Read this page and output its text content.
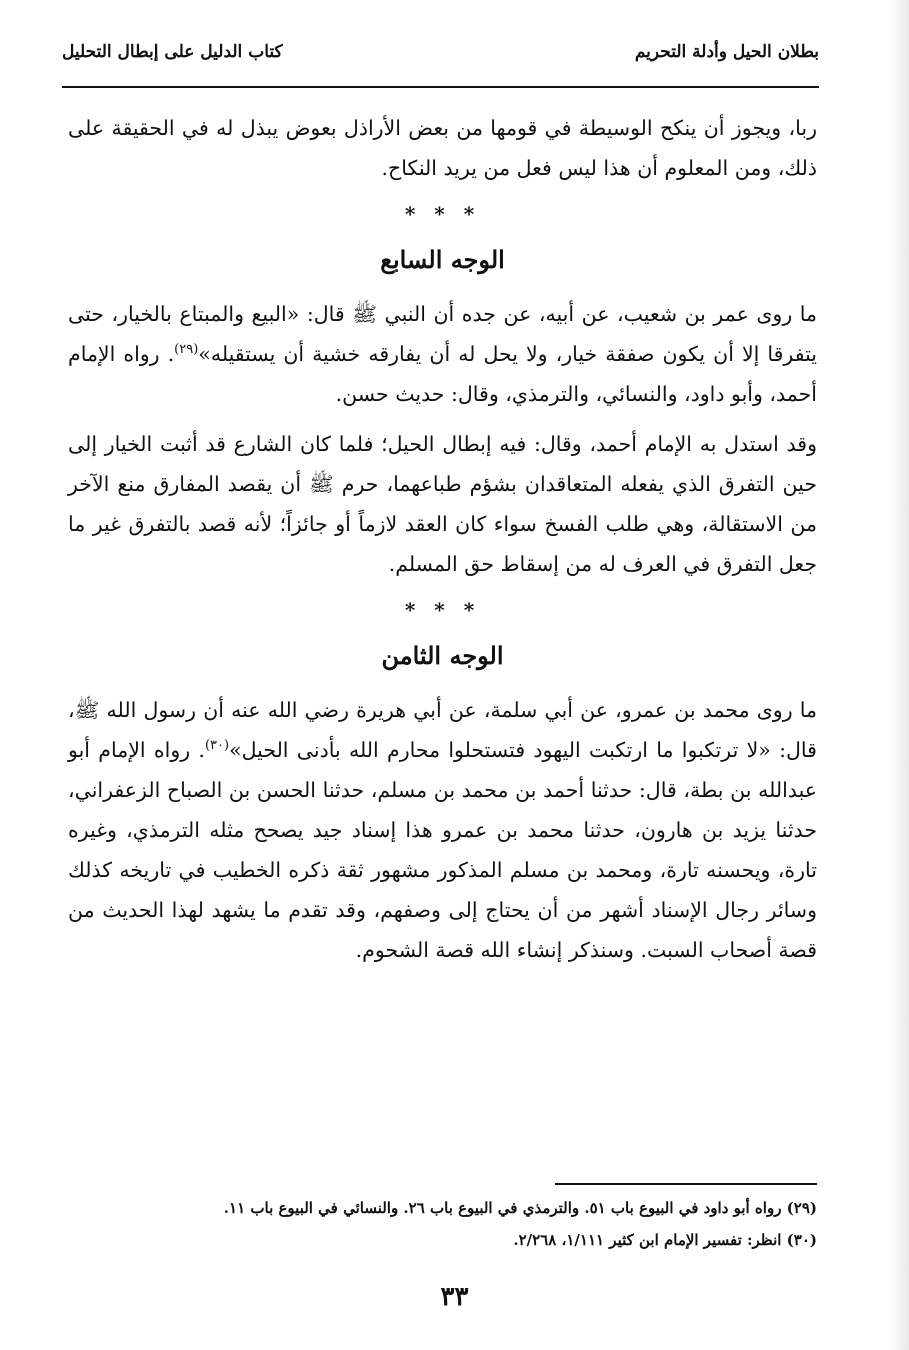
بطلان الحيل وأدلة التحريم
كتاب الدليل على إبطال التحليل

ربا، ويجوز أن ينكح الوسيطة في قومها من بعض الأراذل بعوض يبذل له في الحقيقة على ذلك، ومن المعلوم أن هذا ليس فعل من يريد النكاح.

* * *

الوجه السابع

ما روى عمر بن شعيب، عن أبيه، عن جده أن النبي ﷺ قال: «البيع والمبتاع بالخيار، حتى يتفرقا إلا أن يكون صفقة خيار، ولا يحل له أن يفارقه خشية أن يستقيله»$^{(٢٩)}$. رواه الإمام أحمد، وأبو داود، والنسائي، والترمذي، وقال: حديث حسن.

وقد استدل به الإمام أحمد، وقال: فيه إبطال الحيل؛ فلما كان الشارع قد أثبت الخيار إلى حين التفرق الذي يفعله المتعاقدان بشؤم طباعهما، حرم ﷺ أن يقصد المفارق منع الآخر من الاستقالة، وهي طلب الفسخ سواء كان العقد لازماً أو جائزاً؛ لأنه قصد بالتفرق غير ما جعل التفرق في العرف له من إسقاط حق المسلم.

* * *

الوجه الثامن

ما روى محمد بن عمرو، عن أبي سلمة، عن أبي هريرة رضي الله عنه أن رسول الله ﷺ، قال: «لا ترتكبوا ما ارتكبت اليهود فتستحلوا محارم الله بأدنى الحيل»$^{(٣٠)}$. رواه الإمام أبو عبدالله بن بطة، قال: حدثنا أحمد بن محمد بن مسلم، حدثنا الحسن بن الصباح الزعفراني، حدثنا يزيد بن هارون، حدثنا محمد بن عمرو هذا إسناد جيد يصحح مثله الترمذي، وغيره تارة، ويحسنه تارة، ومحمد بن مسلم المذكور مشهور ثقة ذكره الخطيب في تاريخه كذلك وسائر رجال الإسناد أشهر من أن يحتاج إلى وصفهم، وقد تقدم ما يشهد لهذا الحديث من قصة أصحاب السبت. وسنذكر إنشاء الله قصة الشحوم.

(٢٩) رواه أبو داود في البيوع باب ٥١. والترمذي في البيوع باب ٢٦. والنسائي في البيوع باب ١١.

(٣٠) انظر: تفسير الإمام ابن كثير ١/١١١، ٢/٢٦٨.

٣٣
